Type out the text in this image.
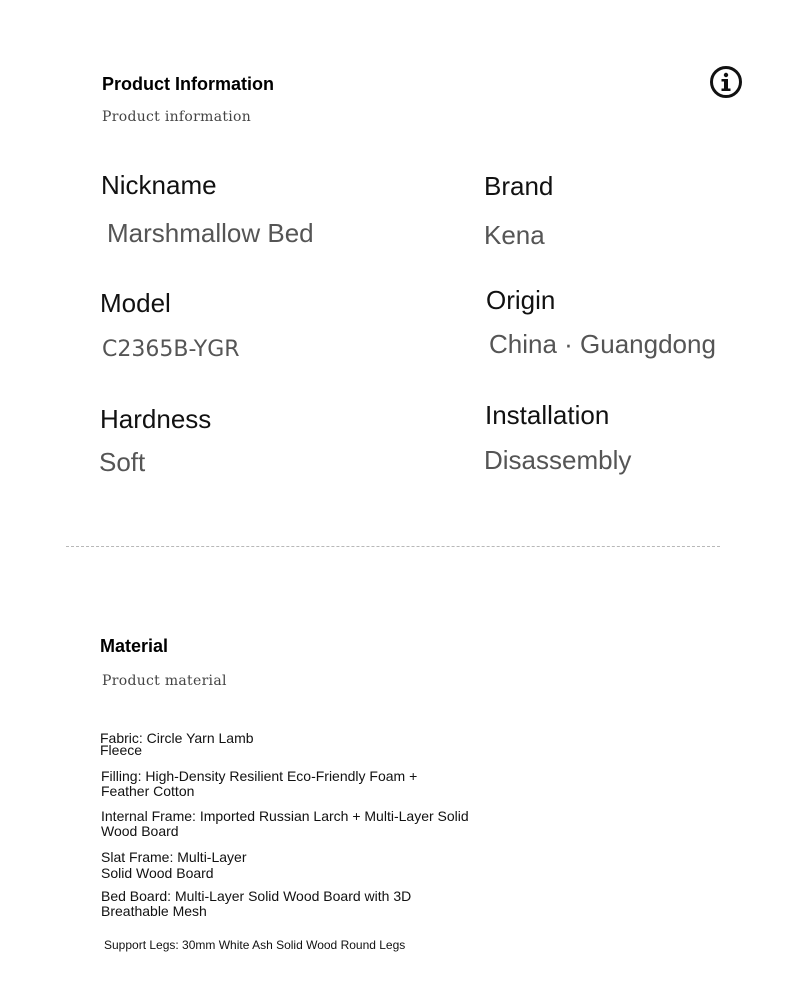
Product Information
Product information
Nickname
Marshmallow Bed
Brand
Kena
Model
C2365B-YGR
Origin
China · Guangdong
Hardness
Soft
Installation
Disassembly
Material
Product material
Fabric: Circle Yarn Lamb Fleece
Filling: High-Density Resilient Eco-Friendly Foam + Feather Cotton
Internal Frame: Imported Russian Larch + Multi-Layer Solid Wood Board
Slat Frame: Multi-Layer Solid Wood Board
Bed Board: Multi-Layer Solid Wood Board with 3D Breathable Mesh
Support Legs: 30mm White Ash Solid Wood Round Legs
